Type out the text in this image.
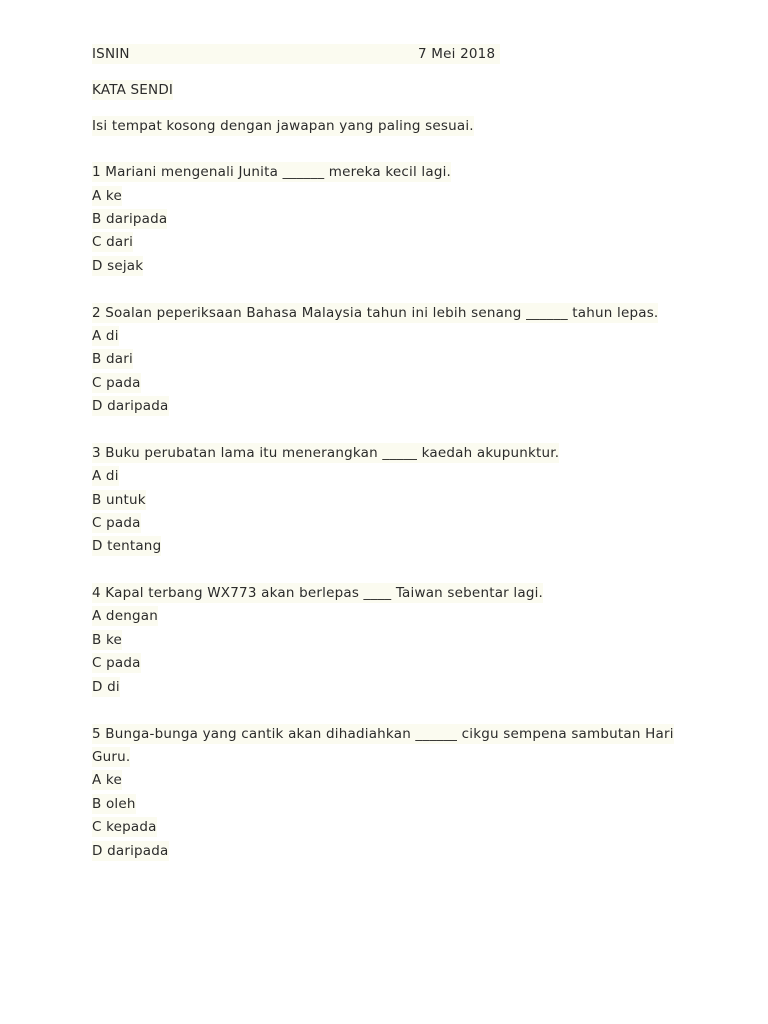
ISNIN	7 Mei 2018
KATA SENDI
Isi tempat kosong dengan jawapan yang paling sesuai.
1 Mariani mengenali Junita ______ mereka kecil lagi.
A ke
B daripada
C dari
D sejak
2 Soalan peperiksaan Bahasa Malaysia tahun ini lebih senang ______ tahun lepas.
A di
B dari
C pada
D daripada
3 Buku perubatan lama itu menerangkan _____ kaedah akupunktur.
A di
B untuk
C pada
D tentang
4 Kapal terbang WX773 akan berlepas ____ Taiwan sebentar lagi.
A dengan
B ke
C pada
D di
5 Bunga-bunga yang cantik akan dihadiahkan ______ cikgu sempena sambutan Hari
Guru.
A ke
B oleh
C kepada
D daripada
